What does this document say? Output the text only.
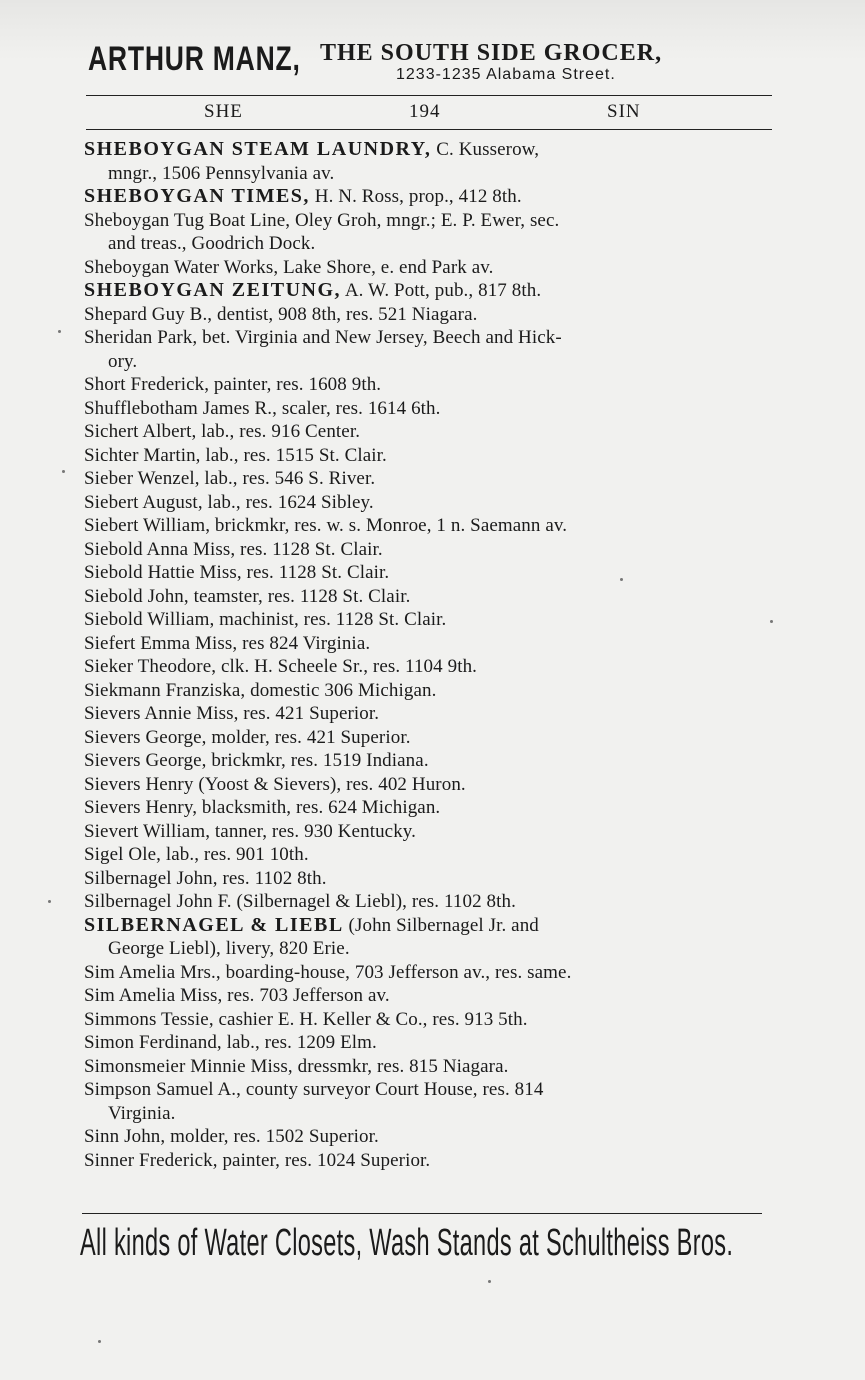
ARTHUR MANZ, THE SOUTH SIDE GROCER,
1233-1235 Alabama Street.
SHE	194	SIN
SHEBOYGAN STEAM LAUNDRY, C. Kusserow,
mngr., 1506 Pennsylvania av.
SHEBOYGAN TIMES, H. N. Ross, prop., 412 8th.
Sheboygan Tug Boat Line, Oley Groh, mngr.; E. P. Ewer, sec.
and treas., Goodrich Dock.
Sheboygan Water Works, Lake Shore, e. end Park av.
SHEBOYGAN ZEITUNG, A. W. Pott, pub., 817 8th.
Shepard Guy B., dentist, 908 8th, res. 521 Niagara.
Sheridan Park, bet. Virginia and New Jersey, Beech and Hick-
ory.
Short Frederick, painter, res. 1608 9th.
Shufflebotham James R., scaler, res. 1614 6th.
Sichert Albert, lab., res. 916 Center.
Sichter Martin, lab., res. 1515 St. Clair.
Sieber Wenzel, lab., res. 546 S. River.
Siebert August, lab., res. 1624 Sibley.
Siebert William, brickmkr, res. w. s. Monroe, 1 n. Saemann av.
Siebold Anna Miss, res. 1128 St. Clair.
Siebold Hattie Miss, res. 1128 St. Clair.
Siebold John, teamster, res. 1128 St. Clair.
Siebold William, machinist, res. 1128 St. Clair.
Siefert Emma Miss, res 824 Virginia.
Sieker Theodore, clk. H. Scheele Sr., res. 1104 9th.
Siekmann Franziska, domestic 306 Michigan.
Sievers Annie Miss, res. 421 Superior.
Sievers George, molder, res. 421 Superior.
Sievers George, brickmkr, res. 1519 Indiana.
Sievers Henry (Yoost & Sievers), res. 402 Huron.
Sievers Henry, blacksmith, res. 624 Michigan.
Sievert William, tanner, res. 930 Kentucky.
Sigel Ole, lab., res. 901 10th.
Silbernagel John, res. 1102 8th.
Silbernagel John F. (Silbernagel & Liebl), res. 1102 8th.
SILBERNAGEL & LIEBL (John Silbernagel Jr. and
George Liebl), livery, 820 Erie.
Sim Amelia Mrs., boarding-house, 703 Jefferson av., res. same.
Sim Amelia Miss, res. 703 Jefferson av.
Simmons Tessie, cashier E. H. Keller & Co., res. 913 5th.
Simon Ferdinand, lab., res. 1209 Elm.
Simonsmeier Minnie Miss, dressmkr, res. 815 Niagara.
Simpson Samuel A., county surveyor Court House, res. 814
Virginia.
Sinn John, molder, res. 1502 Superior.
Sinner Frederick, painter, res. 1024 Superior.
All kinds of Water Closets, Wash Stands at Schultheiss Bros.
